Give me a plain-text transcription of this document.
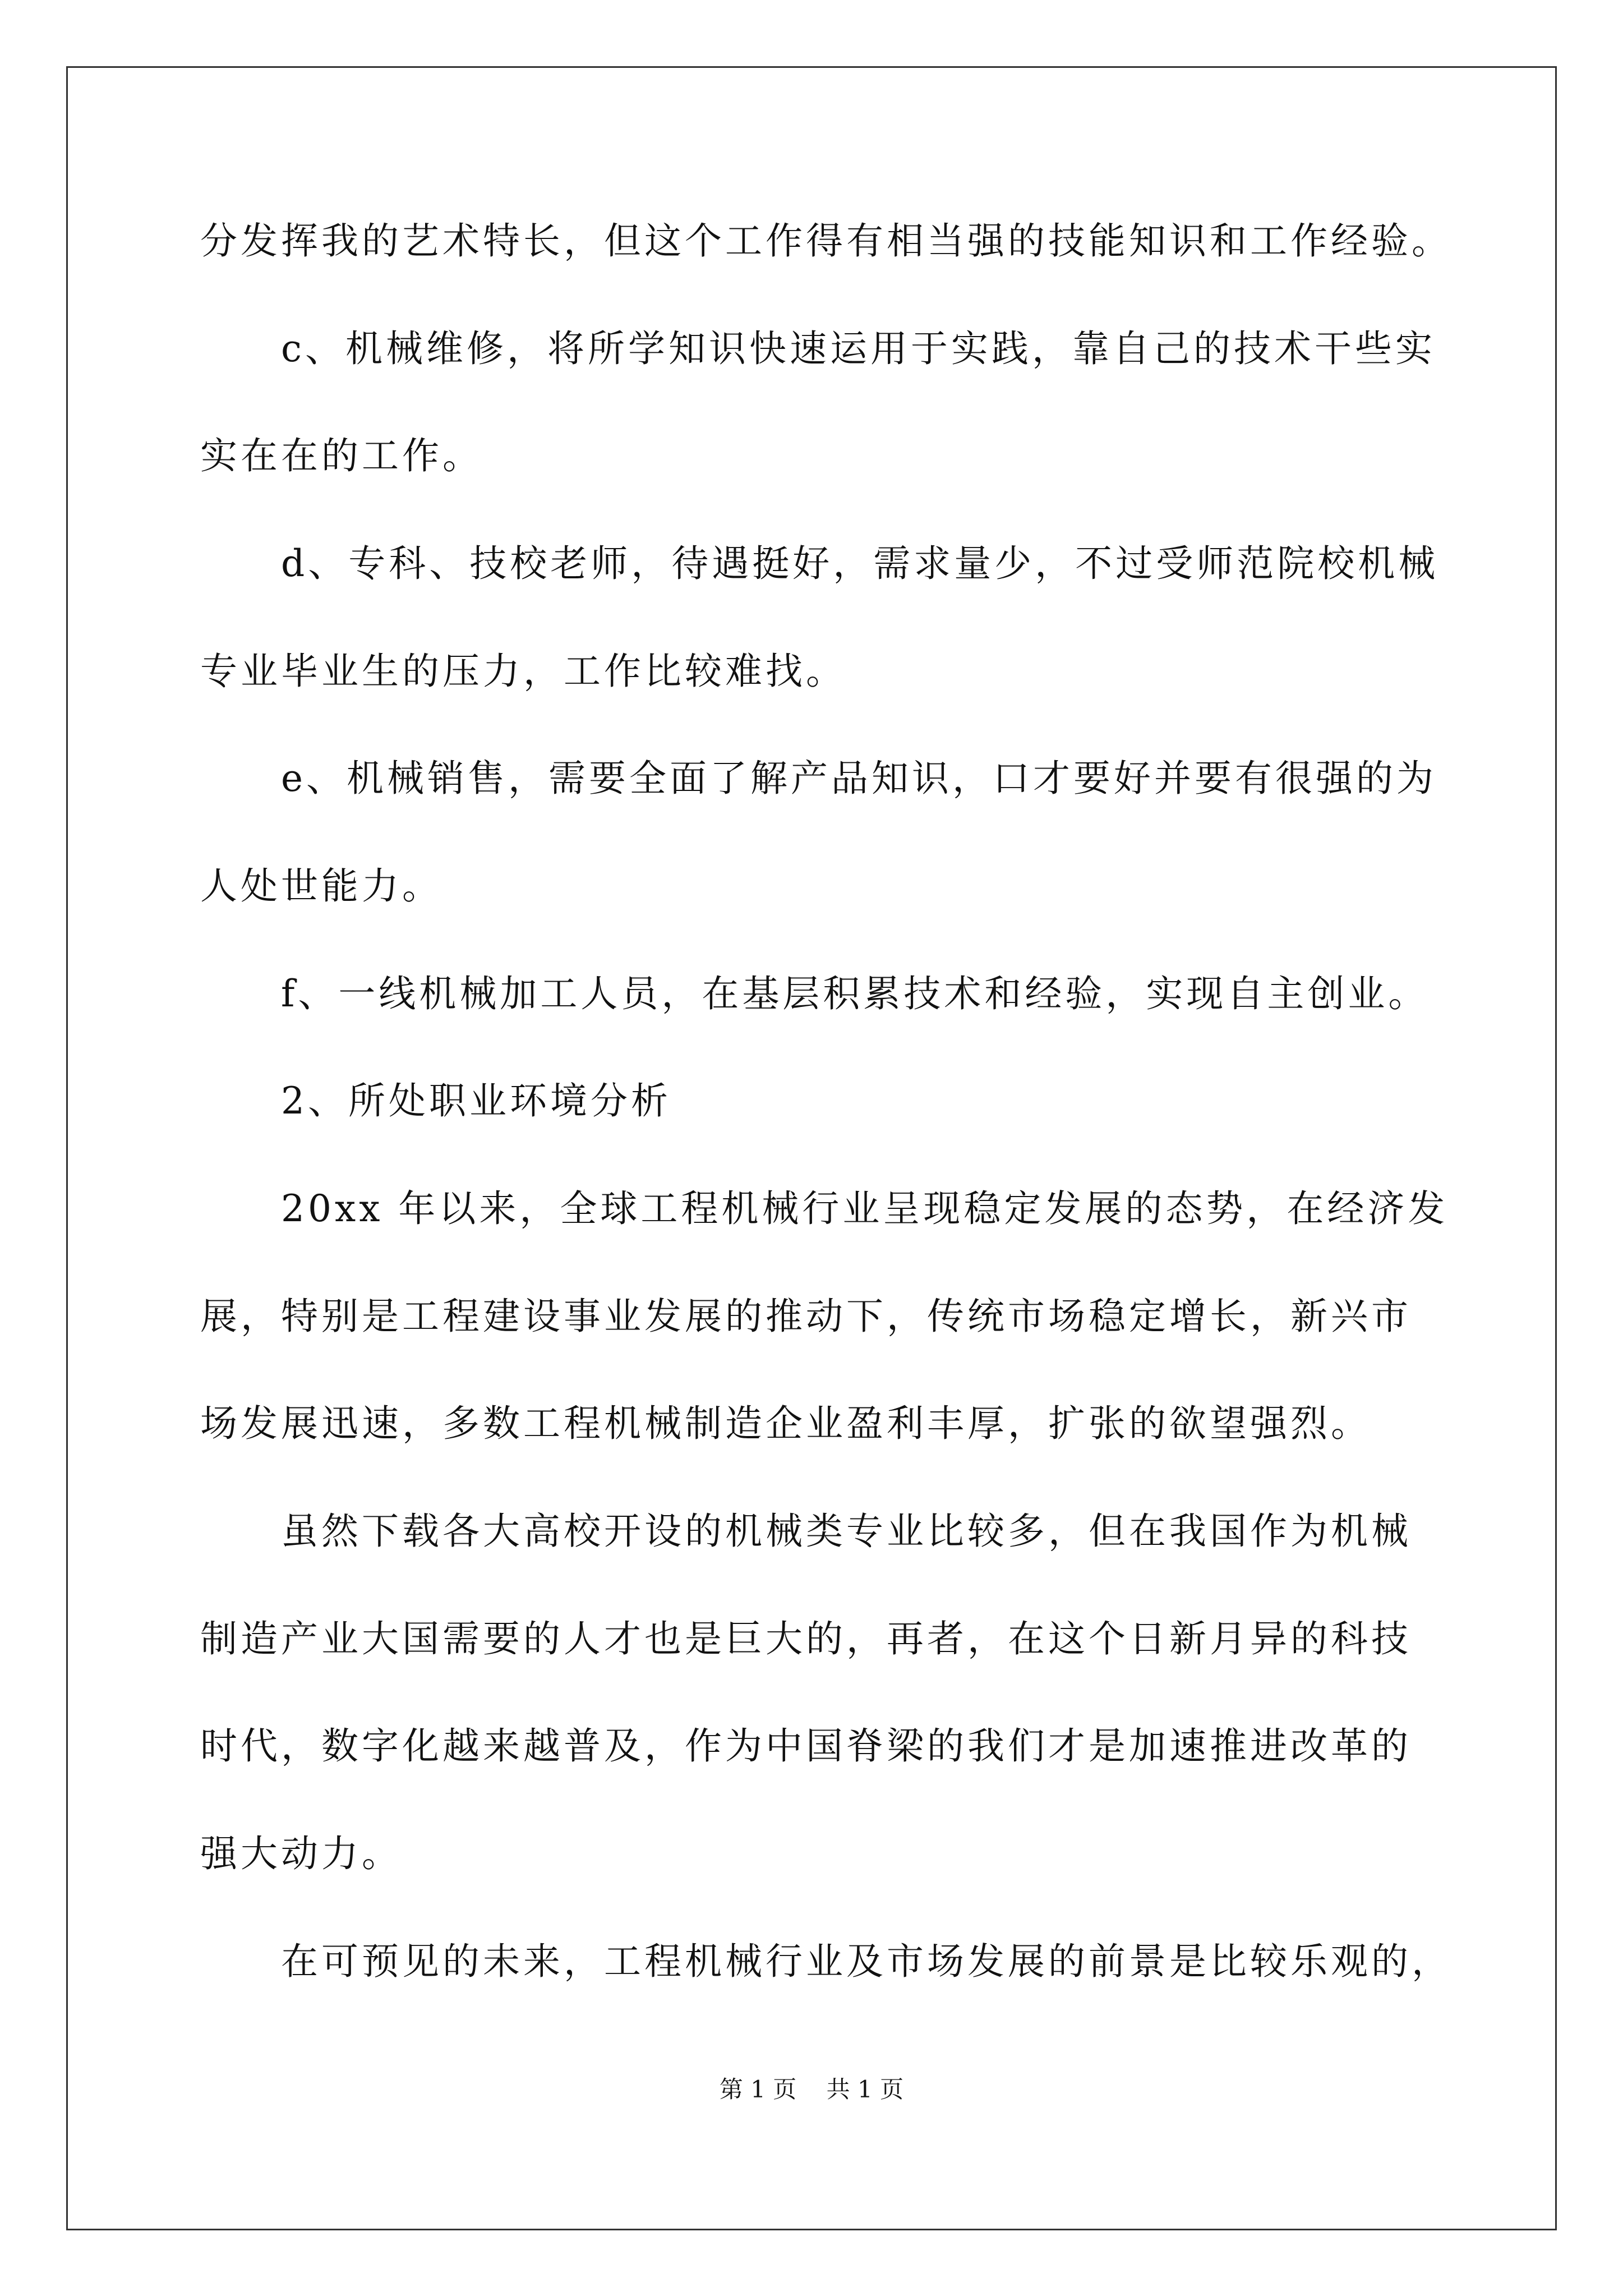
分发挥我的艺术特长，但这个工作得有相当强的技能知识和工作经验。
　　c、机械维修，将所学知识快速运用于实践，靠自己的技术干些实
实在在的工作。
　　d、专科、技校老师，待遇挺好，需求量少，不过受师范院校机械
专业毕业生的压力，工作比较难找。
　　e、机械销售，需要全面了解产品知识，口才要好并要有很强的为
人处世能力。
　　f、一线机械加工人员，在基层积累技术和经验，实现自主创业。
　　2、所处职业环境分析
　　20xx 年以来，全球工程机械行业呈现稳定发展的态势，在经济发
展，特别是工程建设事业发展的推动下，传统市场稳定增长，新兴市
场发展迅速，多数工程机械制造企业盈利丰厚，扩张的欲望强烈。
　　虽然下载各大高校开设的机械类专业比较多，但在我国作为机械
制造产业大国需要的人才也是巨大的，再者，在这个日新月异的科技
时代，数字化越来越普及，作为中国脊梁的我们才是加速推进改革的
强大动力。
　　在可预见的未来，工程机械行业及市场发展的前景是比较乐观的，
第 1 页 共 1 页
